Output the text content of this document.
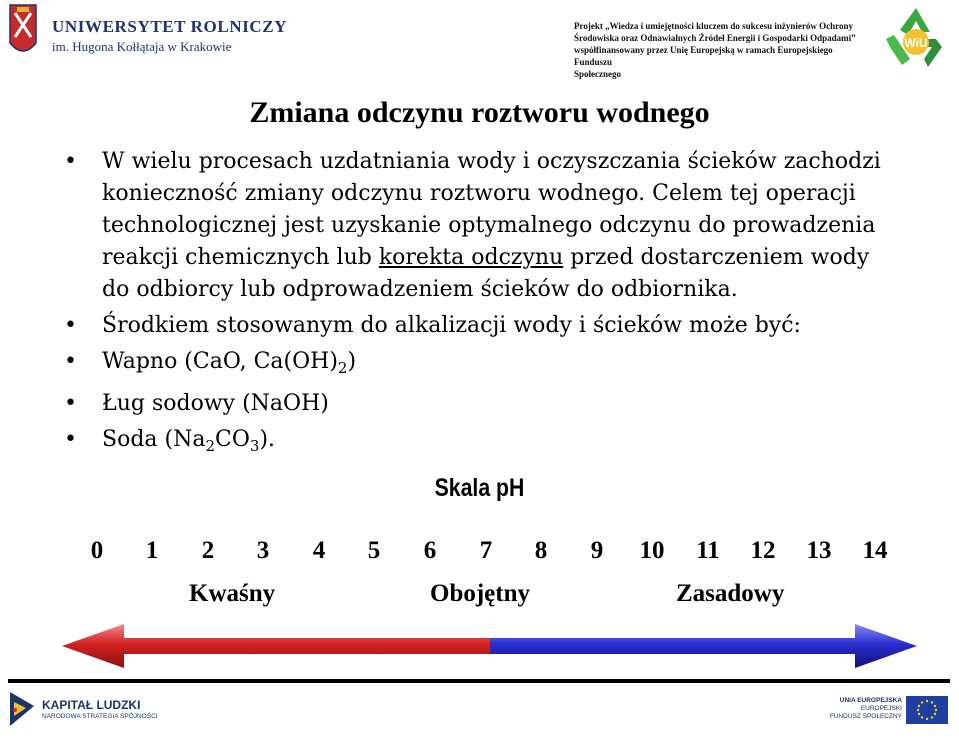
UNIWERSYTET ROLNICZY
im. Hugona Kołłątaja w Krakowie
Projekt „Wiedza i umiejętności kluczem do sukcesu inżynierów Ochrony
Środowiska oraz Odnawialnych Źródeł Energii i Gospodarki Odpadami”
współfinansowany przez Unię Europejską w ramach Europejskiego Funduszu
Społecznego
WiU
Zmiana odczynu roztworu wodnego
• W wielu procesach uzdatniania wody i oczyszczania ścieków zachodzi konieczność zmiany odczynu roztworu wodnego. Celem tej operacji technologicznej jest uzyskanie optymalnego odczynu do prowadzenia reakcji chemicznych lub korekta odczynu przed dostarczeniem wody do odbiorcy lub odprowadzeniem ścieków do odbiornika.
• Środkiem stosowanym do alkalizacji wody i ścieków może być:
• Wapno (CaO, $Ca(OH)_2$)
• Ług sodowy (NaOH)
• Soda $(Na_2CO_3)$.
Skala pH
0	1	2	3	4	5	6	7	8	9	10	11	12	13	14
Kwaśny	Obojętny	Zasadowy
KAPITAŁ LUDZKI
NARODOWA STRATEGIA SPÓJNOŚCI
UNIA EUROPEJSKA
EUROPEJSKI
FUNDUSZ SPOŁECZNY
